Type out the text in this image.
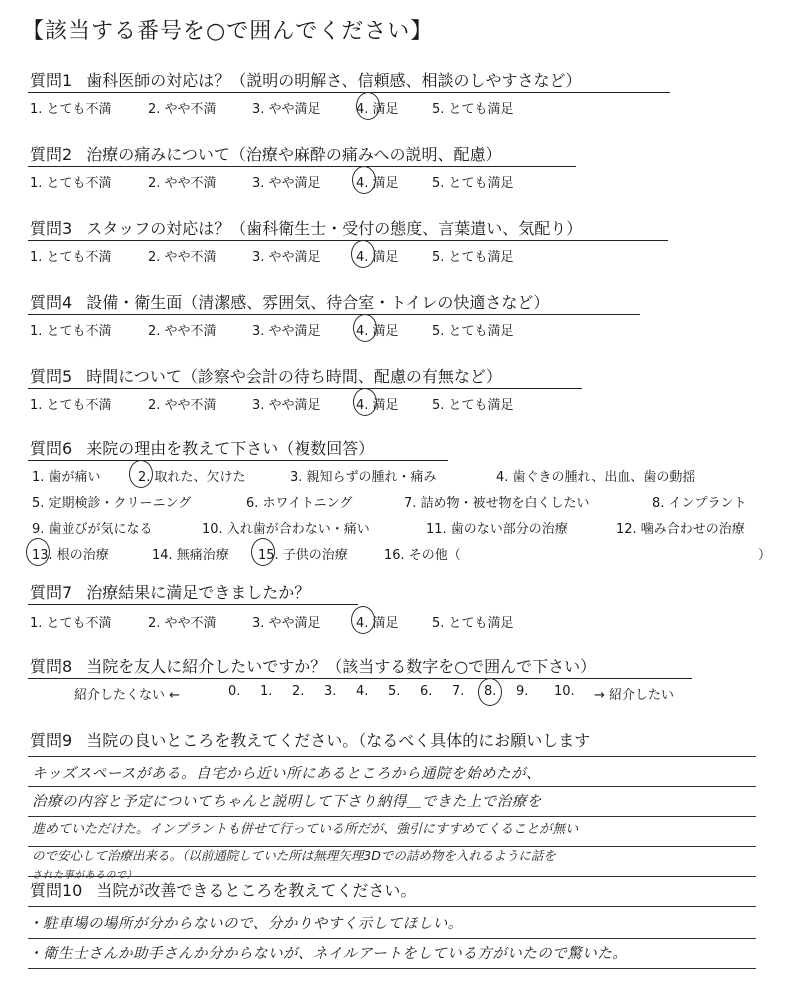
【該当する番号を○で囲んでください】
質問1 歯科医師の対応は？（説明の明解さ、信頼感、相談のしやすさなど）
1. とても不満	2. やや不満	3. やや満足	4. 満足	5. とても満足
質問2 治療の痛みについて（治療や麻酔の痛みへの説明、配慮）
1. とても不満	2. やや不満	3. やや満足	4. 満足	5. とても満足
質問3 スタッフの対応は？（歯科衛生士・受付の態度、言葉遣い、気配り）
1. とても不満	2. やや不満	3. やや満足	4. 満足	5. とても満足
質問4 設備・衛生面（清潔感、雰囲気、待合室・トイレの快適さなど）
1. とても不満	2. やや不満	3. やや満足	4. 満足	5. とても満足
質問5 時間について（診察や会計の待ち時間、配慮の有無など）
1. とても不満	2. やや不満	3. やや満足	4. 満足	5. とても満足
質問6 来院の理由を教えて下さい（複数回答）
1. 歯が痛い	2. 取れた、欠けた	3. 親知らずの腫れ・痛み	4. 歯ぐきの腫れ、出血、歯の動揺
5. 定期検診・クリーニング	6. ホワイトニング	7. 詰め物・被せ物を白くしたい	8. インプラント
9. 歯並びが気になる	10. 入れ歯が合わない・痛い	11. 歯のない部分の治療	12. 噛み合わせの治療
13. 根の治療	14. 無痛治療 15. 子供の治療	16. その他（	）
質問7 治療結果に満足できましたか？
1. とても不満	2. やや不満	3. やや満足	4. 満足	5. とても満足
質問8 当院を友人に紹介したいですか？（該当する数字を○で囲んで下さい）
紹介したくない ←	0. 1. 2. 3. 4. 5. 6. 7. 8. 9. 10. → 紹介したい
質問9 当院の良いところを教えてください。（なるべく具体的にお願いします
キッズスペースがある。自宅から近い所にあるところから通院を始めたが、
治療の内容と予定についてちゃんと説明して下さり納得＿できた上で治療を
進めていただけた。インプラントも併せて行っている所だが、強引にすすめてくることが無い
ので安心して治療出来る。（以前通院していた所は無理矢理3Dでの詰め物を入れるように話を
された事があるので）
質問10 当院が改善できるところを教えてください。
・駐車場の場所が分からないので、分かりやすく示してほしい。
・衛生士さんか助手さんか分からないが、ネイルアートをしている方がいたので驚いた。
